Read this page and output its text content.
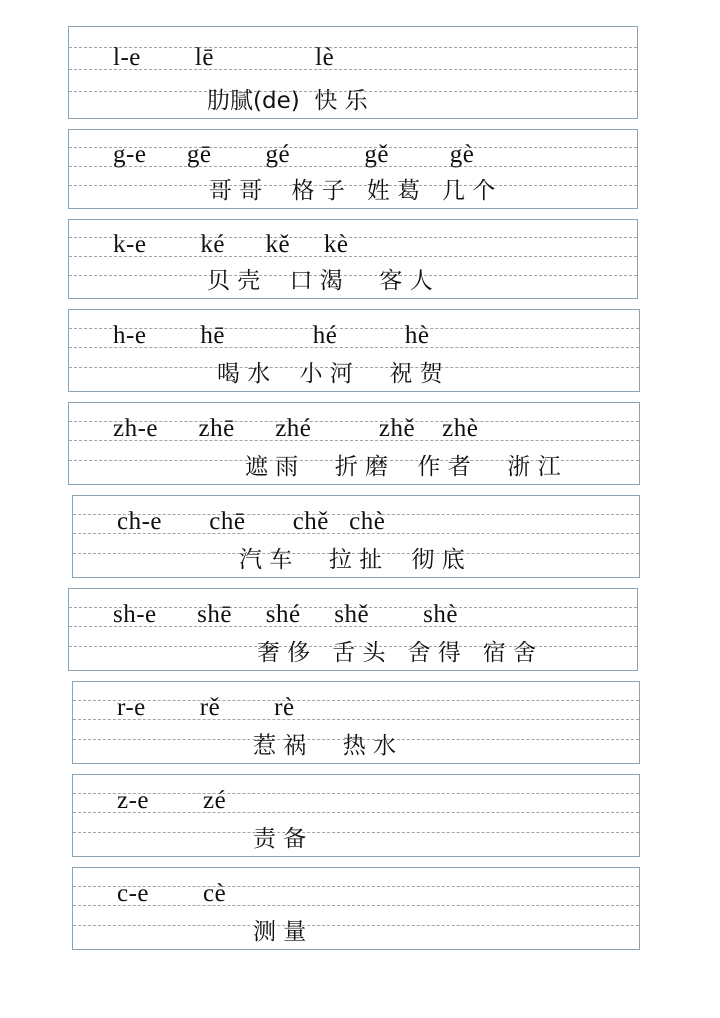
l-e        lē               lè
肋腻(de)  快 乐
g-e      gē        gé           gě         gè
哥 哥    格 子   姓 葛   几 个
k-e        ké      kě     kè
贝 壳    口 渴     客 人
h-e        hē             hé          hè
喝 水    小 河     祝 贺
zh-e      zhē      zhé          zhě    zhè
遮 雨     折 磨    作 者     浙 江
ch-e       chē       chě   chè
汽 车     拉 扯    彻 底
sh-e      shē     shé     shě        shè
奢 侈   舌 头   舍 得   宿 舍
r-e        rě        rè
惹 祸     热 水
z-e        zé
责 备
c-e        cè
测 量
